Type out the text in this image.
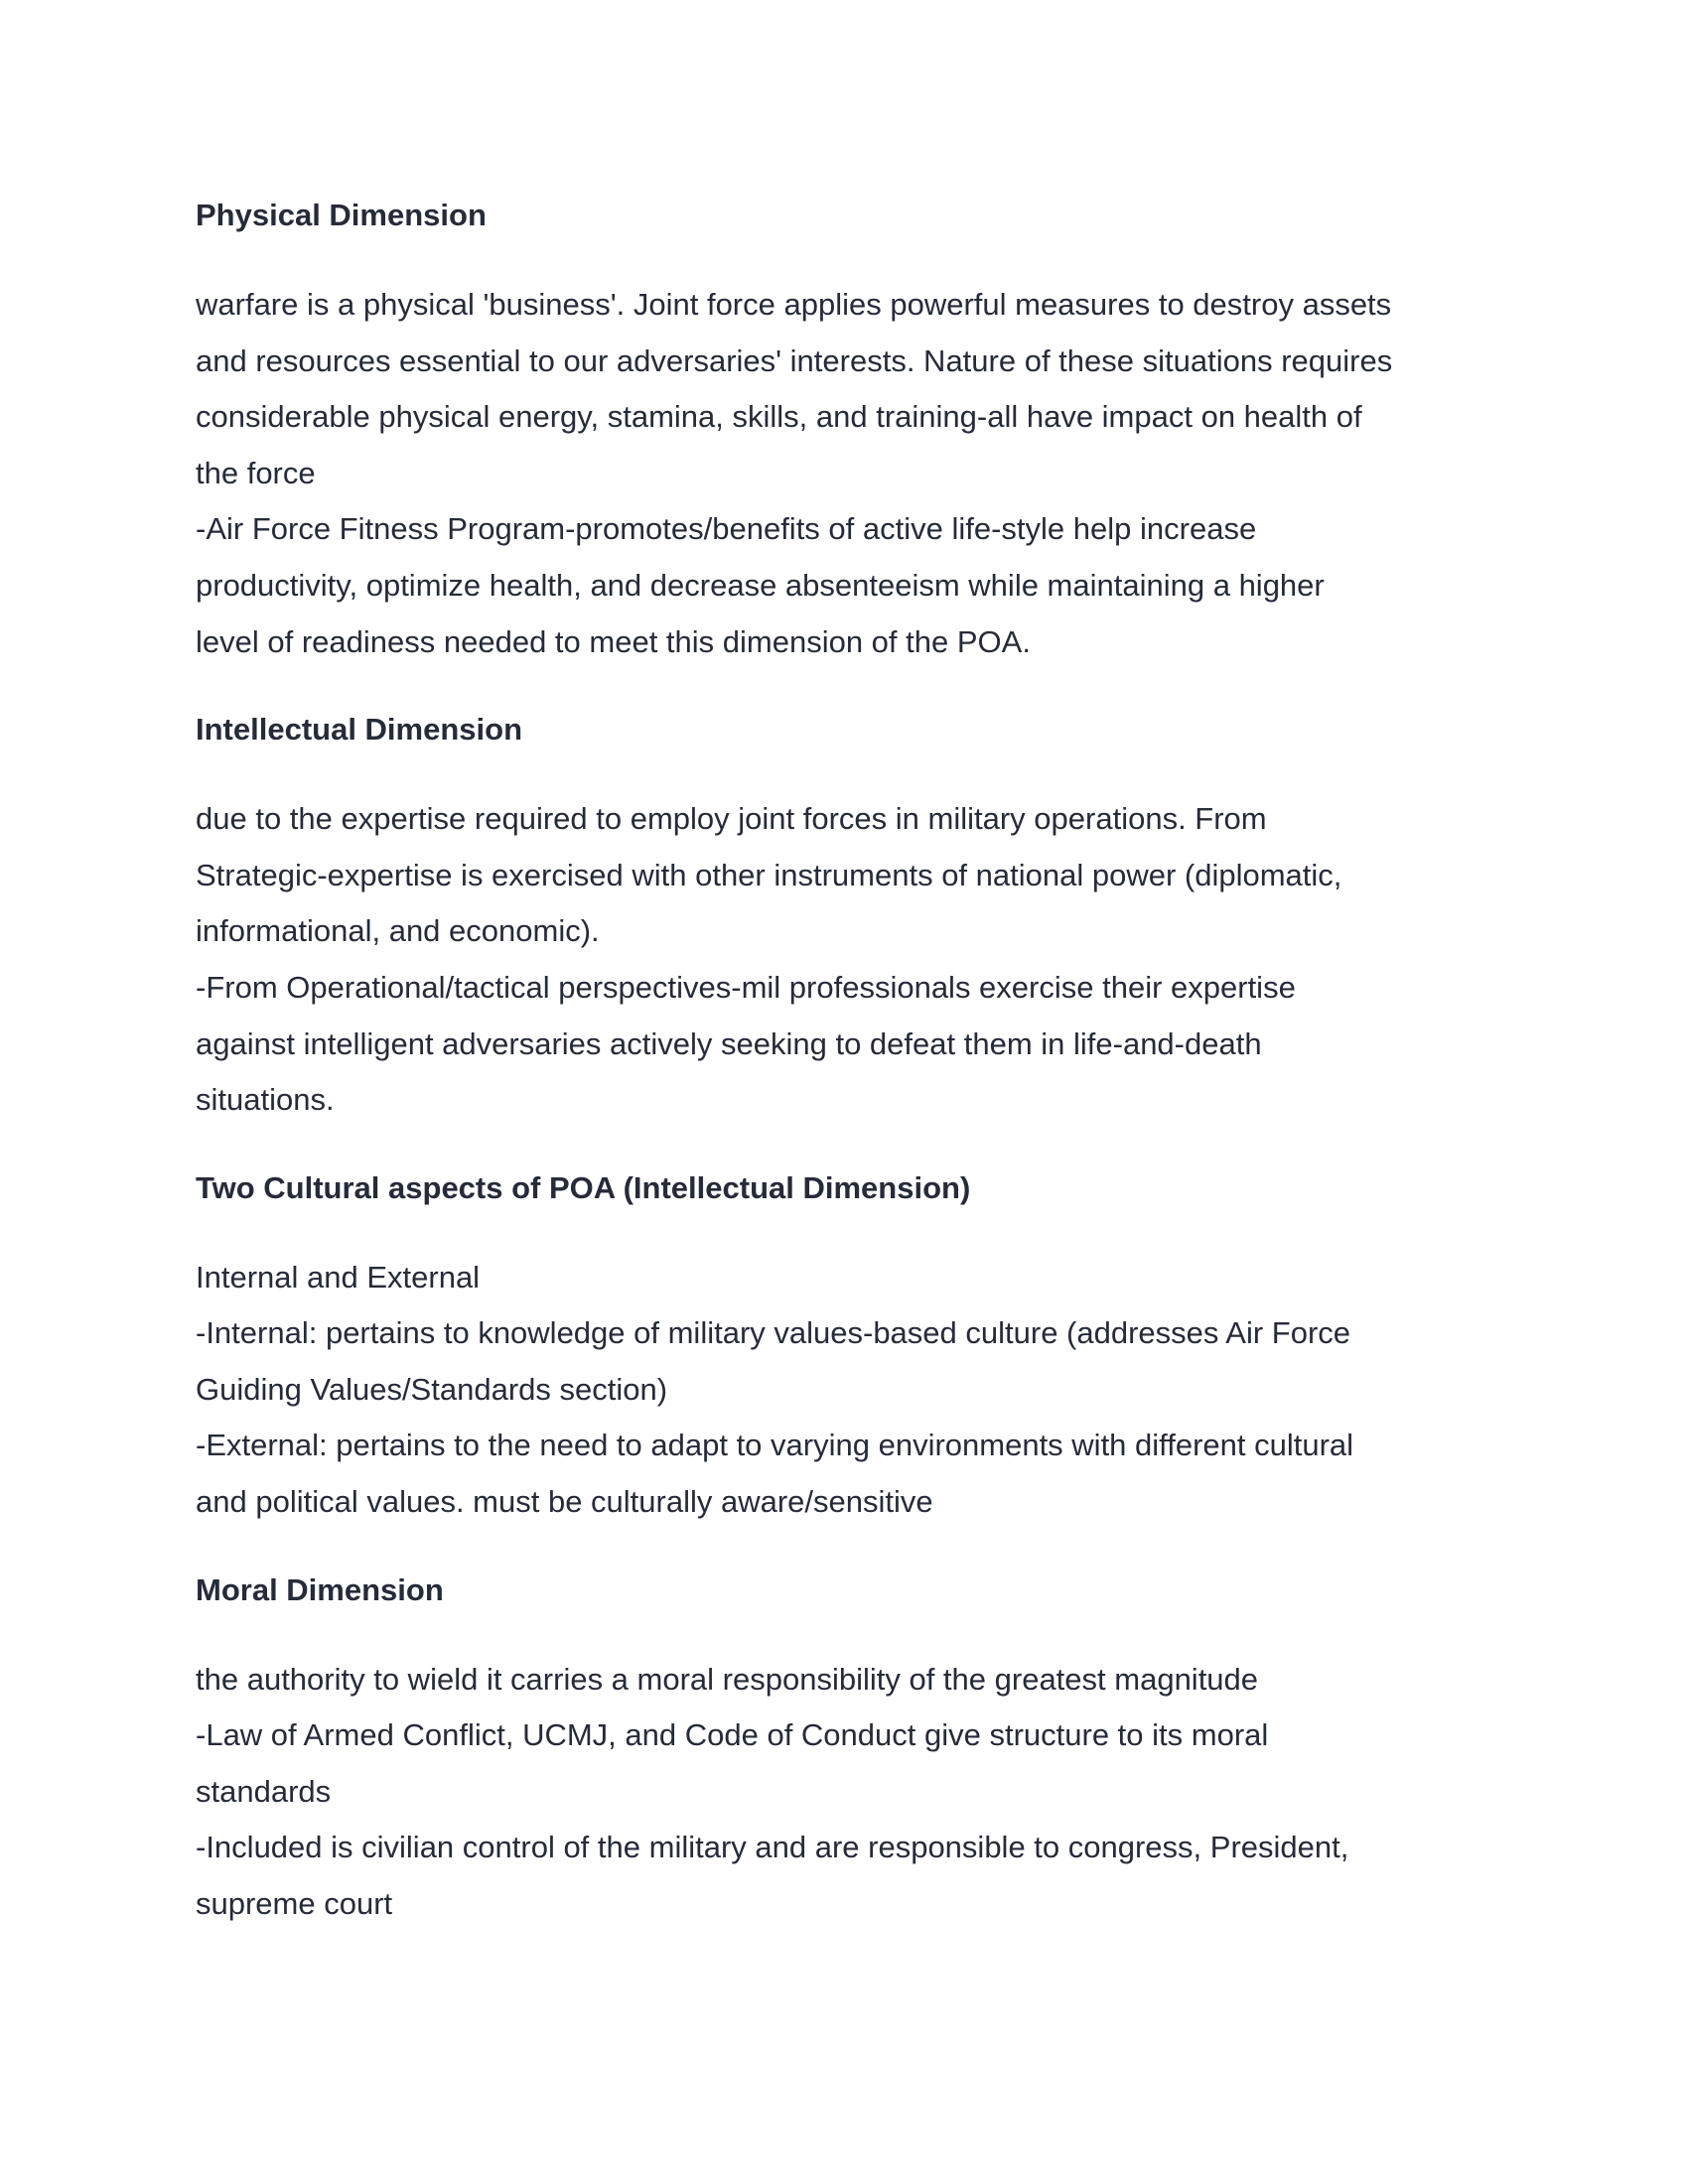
Physical Dimension
warfare is a physical 'business'. Joint force applies powerful measures to destroy assets
and resources essential to our adversaries' interests. Nature of these situations requires
considerable physical energy, stamina, skills, and training-all have impact on health of
the force
-Air Force Fitness Program-promotes/benefits of active life-style help increase
productivity, optimize health, and decrease absenteeism while maintaining a higher
level of readiness needed to meet this dimension of the POA.
Intellectual Dimension
due to the expertise required to employ joint forces in military operations. From
Strategic-expertise is exercised with other instruments of national power (diplomatic,
informational, and economic).
-From Operational/tactical perspectives-mil professionals exercise their expertise
against intelligent adversaries actively seeking to defeat them in life-and-death
situations.
Two Cultural aspects of POA (Intellectual Dimension)
Internal and External
-Internal: pertains to knowledge of military values-based culture (addresses Air Force
Guiding Values/Standards section)
-External: pertains to the need to adapt to varying environments with different cultural
and political values. must be culturally aware/sensitive
Moral Dimension
the authority to wield it carries a moral responsibility of the greatest magnitude
-Law of Armed Conflict, UCMJ, and Code of Conduct give structure to its moral
standards
-Included is civilian control of the military and are responsible to congress, President,
supreme court
